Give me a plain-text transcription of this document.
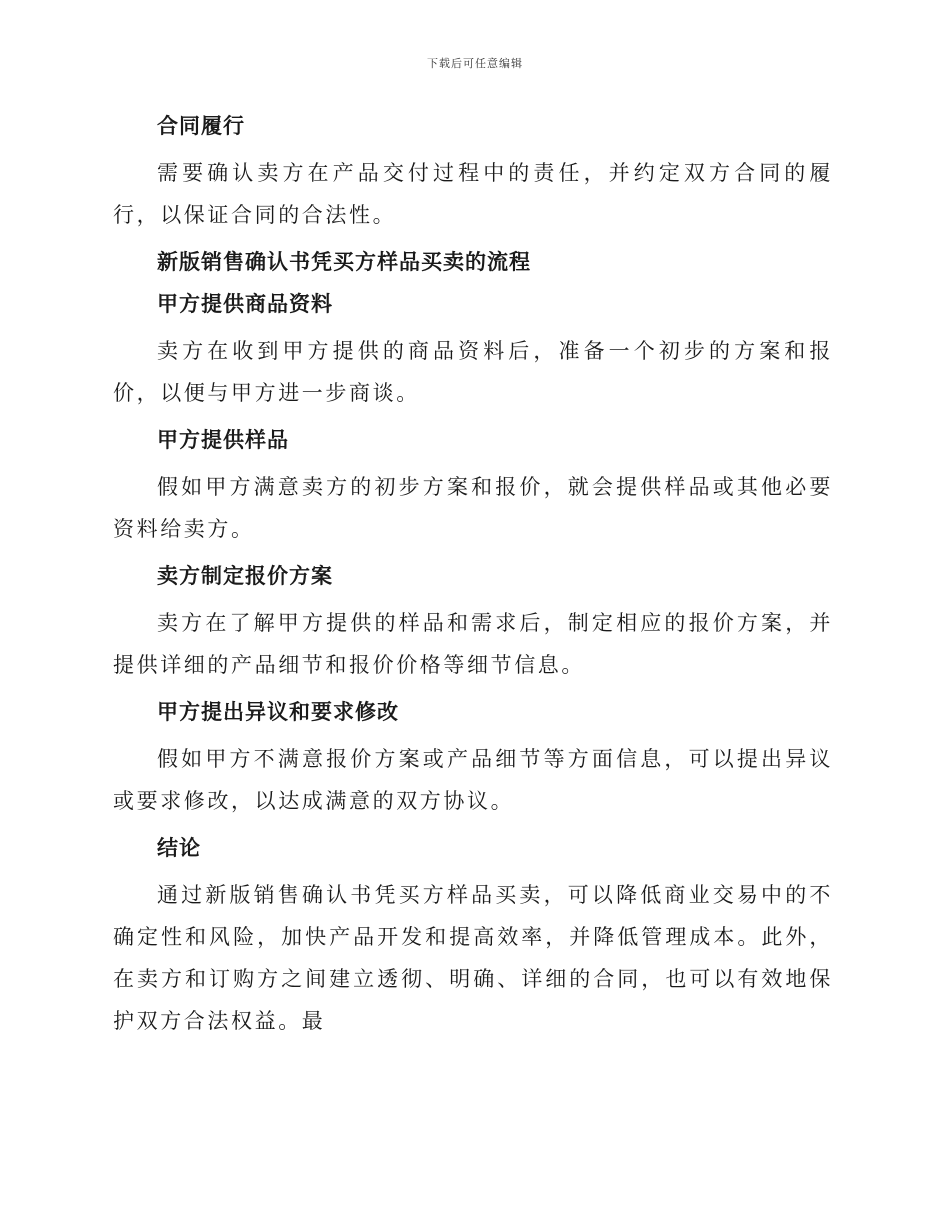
下载后可任意编辑
合同履行
需要确认卖方在产品交付过程中的责任，并约定双方合同的履行，以保证合同的合法性。
新版销售确认书凭买方样品买卖的流程
甲方提供商品资料
卖方在收到甲方提供的商品资料后，准备一个初步的方案和报价，以便与甲方进一步商谈。
甲方提供样品
假如甲方满意卖方的初步方案和报价，就会提供样品或其他必要资料给卖方。
卖方制定报价方案
卖方在了解甲方提供的样品和需求后，制定相应的报价方案，并提供详细的产品细节和报价价格等细节信息。
甲方提出异议和要求修改
假如甲方不满意报价方案或产品细节等方面信息，可以提出异议或要求修改，以达成满意的双方协议。
结论
通过新版销售确认书凭买方样品买卖，可以降低商业交易中的不确定性和风险，加快产品开发和提高效率，并降低管理成本。此外，在卖方和订购方之间建立透彻、明确、详细的合同，也可以有效地保护双方合法权益。最
